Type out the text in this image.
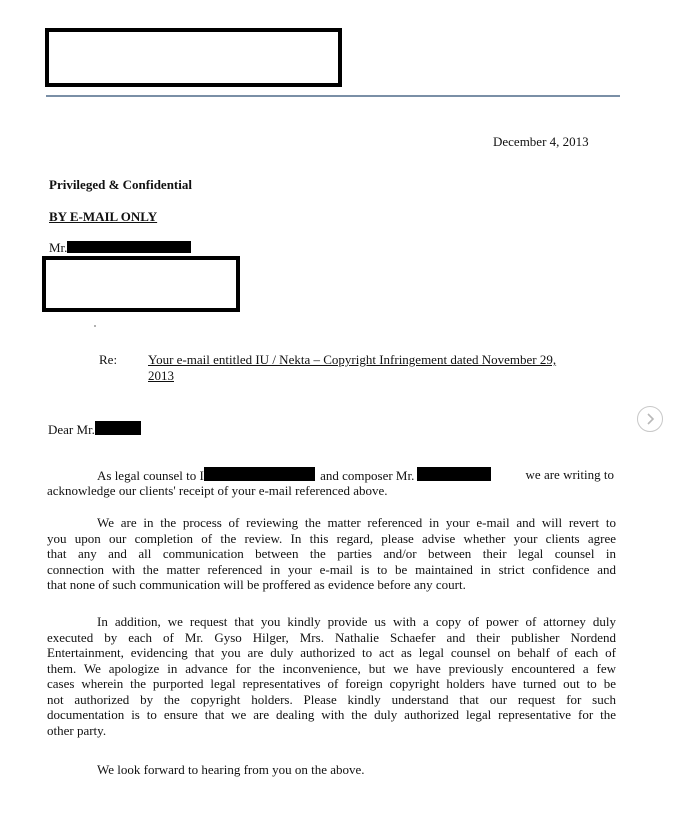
December 4, 2013
Privileged & Confidential
BY E-MAIL ONLY
Mr.
Re: Your e-mail entitled IU / Nekta – Copyright Infringement dated November 29,
2013
Dear Mr.
As legal counsel to I	and composer Mr.	we are writing to
acknowledge our clients' receipt of your e-mail referenced above.
We are in the process of reviewing the matter referenced in your e-mail and will revert to
you upon our completion of the review. In this regard, please advise whether your clients agree
that any and all communication between the parties and/or between their legal counsel in
connection with the matter referenced in your e-mail is to be maintained in strict confidence and
that none of such communication will be proffered as evidence before any court.
In addition, we request that you kindly provide us with a copy of power of attorney duly
executed by each of Mr. Gyso Hilger, Mrs. Nathalie Schaefer and their publisher Nordend
Entertainment, evidencing that you are duly authorized to act as legal counsel on behalf of each of
them. We apologize in advance for the inconvenience, but we have previously encountered a few
cases wherein the purported legal representatives of foreign copyright holders have turned out to be
not authorized by the copyright holders. Please kindly understand that our request for such
documentation is to ensure that we are dealing with the duly authorized legal representative for the
other party.
We look forward to hearing from you on the above.
